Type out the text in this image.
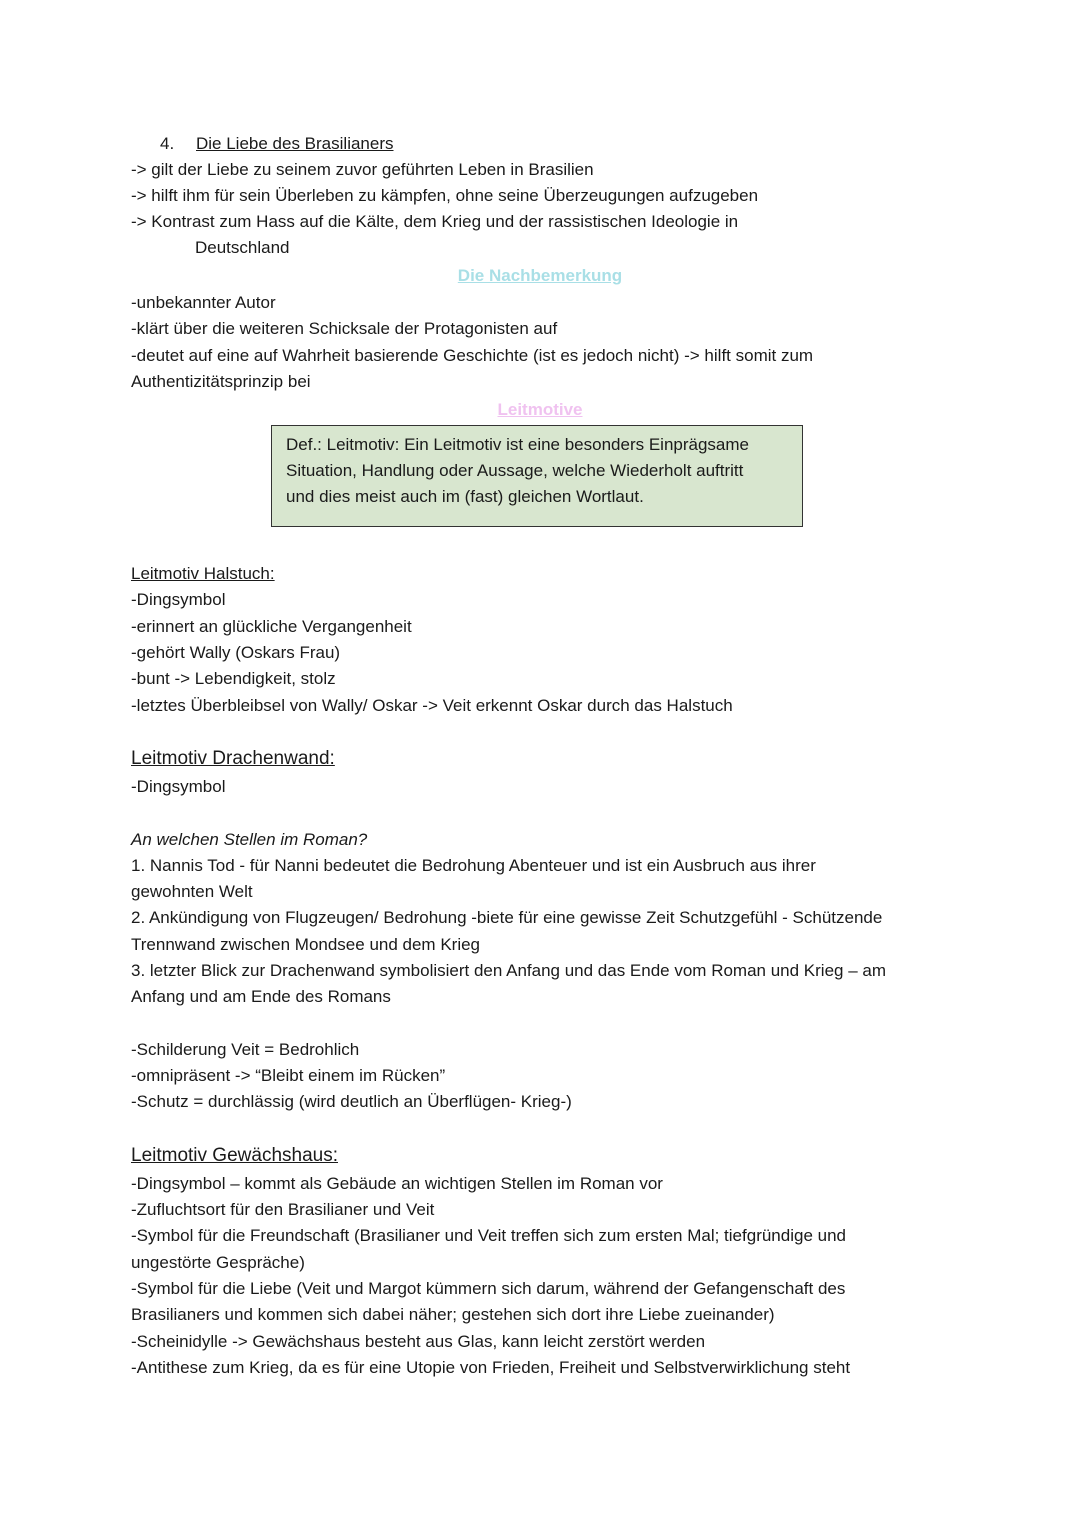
4. Die Liebe des Brasilianers
-> gilt der Liebe zu seinem zuvor geführten Leben in Brasilien
-> hilft ihm für sein Überleben zu kämpfen, ohne seine Überzeugungen aufzugeben
-> Kontrast zum Hass auf die Kälte, dem Krieg und der rassistischen Ideologie in
Deutschland
Die Nachbemerkung
-unbekannter Autor
-klärt über die weiteren Schicksale der Protagonisten auf
-deutet auf eine auf Wahrheit basierende Geschichte (ist es jedoch nicht) -> hilft somit zum
Authentizitätsprinzip bei
Leitmotive
Def.: Leitmotiv: Ein Leitmotiv ist eine besonders Einprägsame
Situation, Handlung oder Aussage, welche Wiederholt auftritt
und dies meist auch im (fast) gleichen Wortlaut.
Leitmotiv Halstuch:
-Dingsymbol
-erinnert an glückliche Vergangenheit
-gehört Wally (Oskars Frau)
-bunt -> Lebendigkeit, stolz
-letztes Überbleibsel von Wally/ Oskar -> Veit erkennt Oskar durch das Halstuch
Leitmotiv Drachenwand:
-Dingsymbol
An welchen Stellen im Roman?
1. Nannis Tod - für Nanni bedeutet die Bedrohung Abenteuer und ist ein Ausbruch aus ihrer
gewohnten Welt
2. Ankündigung von Flugzeugen/ Bedrohung -biete für eine gewisse Zeit Schutzgefühl - Schützende
Trennwand zwischen Mondsee und dem Krieg
3. letzter Blick zur Drachenwand symbolisiert den Anfang und das Ende vom Roman und Krieg – am
Anfang und am Ende des Romans
-Schilderung Veit = Bedrohlich
-omnipräsent -> “Bleibt einem im Rücken”
-Schutz = durchlässig (wird deutlich an Überflügen- Krieg-)
Leitmotiv Gewächshaus:
-Dingsymbol – kommt als Gebäude an wichtigen Stellen im Roman vor
-Zufluchtsort für den Brasilianer und Veit
-Symbol für die Freundschaft (Brasilianer und Veit treffen sich zum ersten Mal; tiefgründige und
ungestörte Gespräche)
-Symbol für die Liebe (Veit und Margot kümmern sich darum, während der Gefangenschaft des
Brasilianers und kommen sich dabei näher; gestehen sich dort ihre Liebe zueinander)
-Scheinidylle -> Gewächshaus besteht aus Glas, kann leicht zerstört werden
-Antithese zum Krieg, da es für eine Utopie von Frieden, Freiheit und Selbstverwirklichung steht
